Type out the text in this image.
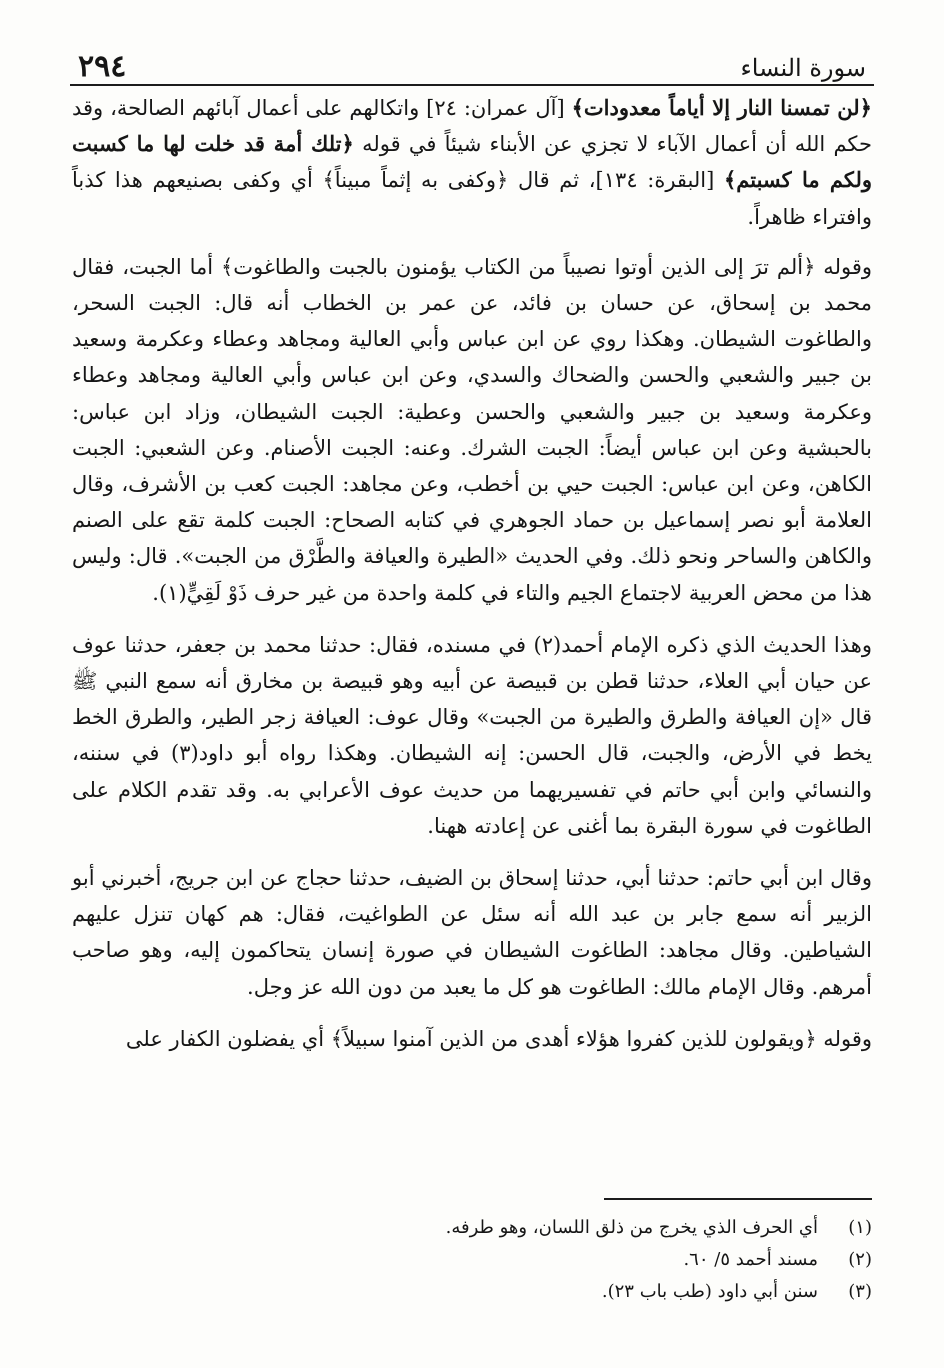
٢٩٤	سورة النساء

﴿لن تمسنا النار إلا أياماً معدودات﴾ [آل عمران: ٢٤] واتكالهم على أعمال آبائهم الصالحة، وقد حكم الله أن أعمال الآباء لا تجزي عن الأبناء شيئاً في قوله ﴿تلك أمة قد خلت لها ما كسبت ولكم ما كسبتم﴾ [البقرة: ١٣٤]، ثم قال ﴿وكفى به إثماً مبيناً﴾ أي وكفى بصنيعهم هذا كذباً وافتراء ظاهراً.

وقوله ﴿ألم ترَ إلى الذين أوتوا نصيباً من الكتاب يؤمنون بالجبت والطاغوت﴾ أما الجبت، فقال محمد بن إسحاق، عن حسان بن فائد، عن عمر بن الخطاب أنه قال: الجبت السحر، والطاغوت الشيطان. وهكذا روي عن ابن عباس وأبي العالية ومجاهد وعطاء وعكرمة وسعيد بن جبير والشعبي والحسن والضحاك والسدي، وعن ابن عباس وأبي العالية ومجاهد وعطاء وعكرمة وسعيد بن جبير والشعبي والحسن وعطية: الجبت الشيطان، وزاد ابن عباس: بالحبشية وعن ابن عباس أيضاً: الجبت الشرك. وعنه: الجبت الأصنام. وعن الشعبي: الجبت الكاهن، وعن ابن عباس: الجبت حيي بن أخطب، وعن مجاهد: الجبت كعب بن الأشرف، وقال العلامة أبو نصر إسماعيل بن حماد الجوهري في كتابه الصحاح: الجبت كلمة تقع على الصنم والكاهن والساحر ونحو ذلك. وفي الحديث «الطيرة والعيافة والطَّرْق من الجبت». قال: وليس هذا من محض العربية لاجتماع الجيم والتاء في كلمة واحدة من غير حرف ذَوْ لَقِيٍّ(١).

وهذا الحديث الذي ذكره الإمام أحمد(٢) في مسنده، فقال: حدثنا محمد بن جعفر، حدثنا عوف عن حيان أبي العلاء، حدثنا قطن بن قبيصة عن أبيه وهو قبيصة بن مخارق أنه سمع النبي ﷺ قال «إن العيافة والطرق والطيرة من الجبت» وقال عوف: العيافة زجر الطير، والطرق الخط يخط في الأرض، والجبت، قال الحسن: إنه الشيطان. وهكذا رواه أبو داود(٣) في سننه، والنسائي وابن أبي حاتم في تفسيريهما من حديث عوف الأعرابي به. وقد تقدم الكلام على الطاغوت في سورة البقرة بما أغنى عن إعادته ههنا.

وقال ابن أبي حاتم: حدثنا أبي، حدثنا إسحاق بن الضيف، حدثنا حجاج عن ابن جريج، أخبرني أبو الزبير أنه سمع جابر بن عبد الله أنه سئل عن الطواغيت، فقال: هم كهان تنزل عليهم الشياطين. وقال مجاهد: الطاغوت الشيطان في صورة إنسان يتحاكمون إليه، وهو صاحب أمرهم. وقال الإمام مالك: الطاغوت هو كل ما يعبد من دون الله عز وجل.

وقوله ﴿ويقولون للذين كفروا هؤلاء أهدى من الذين آمنوا سبيلاً﴾ أي يفضلون الكفار على

(١)
أي الحرف الذي يخرج من ذلق اللسان، وهو طرفه.
(٢)
مسند أحمد ٥/ ٦٠.
(٣)
سنن أبي داود (طب باب ٢٣).
